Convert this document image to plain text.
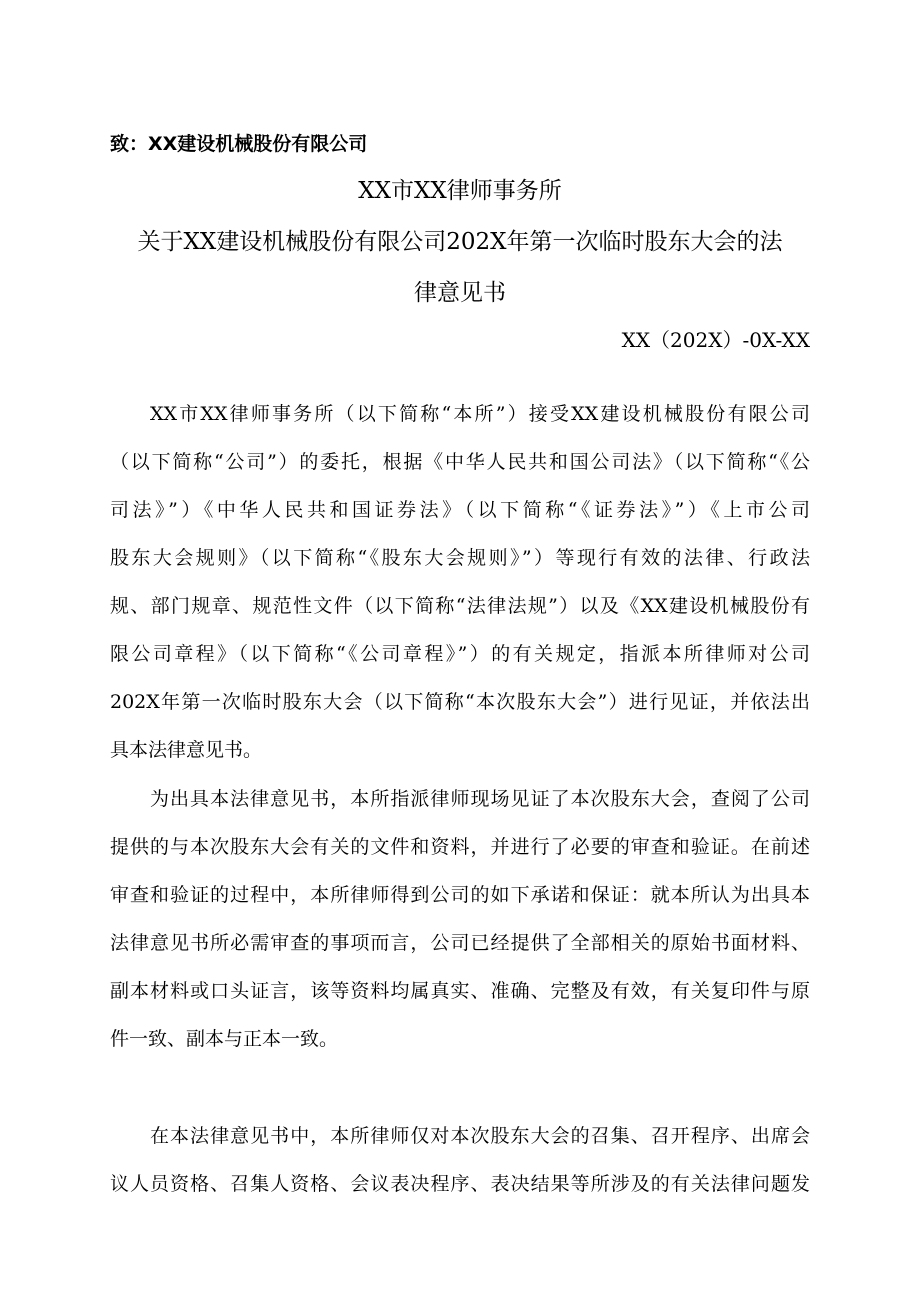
致：XX建设机械股份有限公司
XX市XX律师事务所
关于XX建设机械股份有限公司202X年第一次临时股东大会的法
律意见书
XX（202X）-0X-XX
XX市XX律师事务所（以下简称“本所”）接受XX建设机械股份有限公司
（以下简称“公司”）的委托，根据《中华人民共和国公司法》（以下简称“《公
司法》”）《中华人民共和国证券法》（以下简称“《证券法》”）《上市公司
股东大会规则》（以下简称“《股东大会规则》”）等现行有效的法律、行政法
规、部门规章、规范性文件（以下简称“法律法规”）以及《XX建设机械股份有
限公司章程》（以下简称“《公司章程》”）的有关规定，指派本所律师对公司
202X年第一次临时股东大会（以下简称“本次股东大会”）进行见证，并依法出
具本法律意见书。
为出具本法律意见书，本所指派律师现场见证了本次股东大会，查阅了公司
提供的与本次股东大会有关的文件和资料，并进行了必要的审查和验证。在前述
审查和验证的过程中，本所律师得到公司的如下承诺和保证：就本所认为出具本
法律意见书所必需审查的事项而言，公司已经提供了全部相关的原始书面材料、
副本材料或口头证言，该等资料均属真实、准确、完整及有效，有关复印件与原
件一致、副本与正本一致。
在本法律意见书中，本所律师仅对本次股东大会的召集、召开程序、出席会
议人员资格、召集人资格、会议表决程序、表决结果等所涉及的有关法律问题发
